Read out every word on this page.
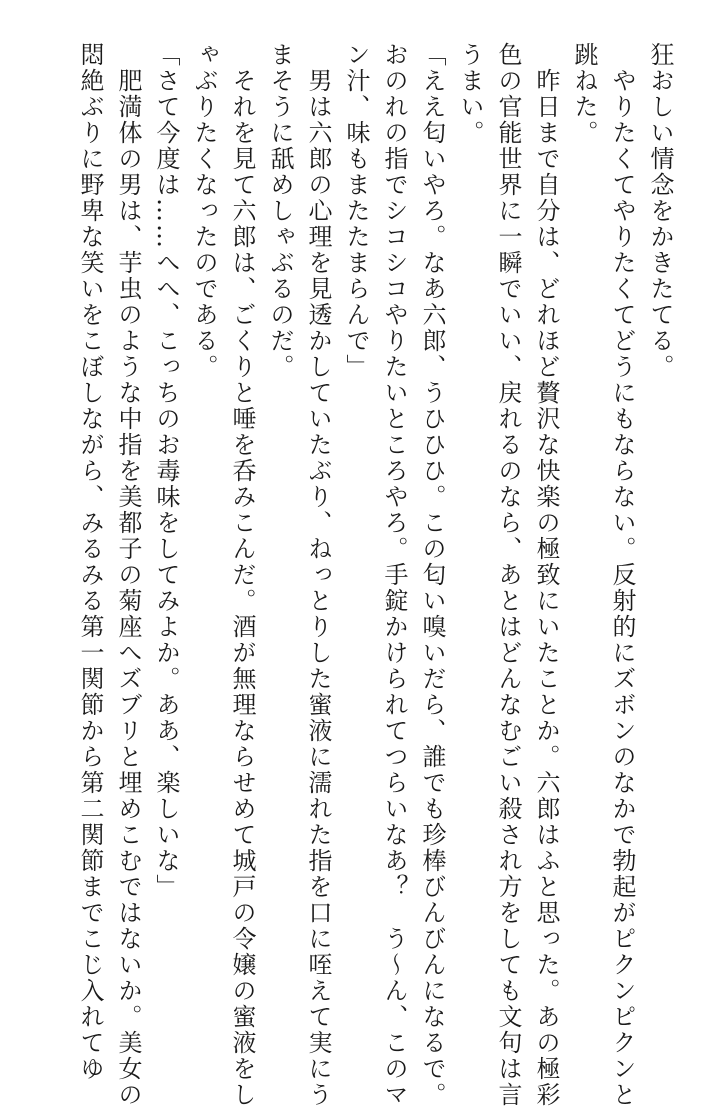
狂おしい情念をかきたてる。

　やりたくてやりたくてどうにもならない。反射的にズボンのなかで勃起がピクンピクンと

跳ねた。

　昨日まで自分は、どれほど贅沢な快楽の極致にいたことか。六郎はふと思った。あの極彩

色の官能世界に一瞬でいい、戻れるのなら、あとはどんなむごい殺され方をしても文句は言

うまい。

「ええ匂いやろ。なあ六郎、うひひひ。この匂い嗅いだら、誰でも珍棒びんびんになるで。

おのれの指でシコシコやりたいところやろ。手錠かけられてつらいなあ？　う〜ん、このマ

ン汁、味もまたたまらんで」

　男は六郎の心理を見透かしていたぶり、ねっとりした蜜液に濡れた指を口に咥えて実にう

まそうに舐めしゃぶるのだ。

　それを見て六郎は、ごくりと唾を呑みこんだ。酒が無理ならせめて城戸の令嬢の蜜液をし

ゃぶりたくなったのである。

「さて今度は……へへ、こっちのお毒味をしてみよか。ああ、楽しいな」

　肥満体の男は、芋虫のような中指を美都子の菊座へズブリと埋めこむではないか。美女の

悶絶ぶりに野卑な笑いをこぼしながら、みるみる第一関節から第二関節までこじ入れてゆ
